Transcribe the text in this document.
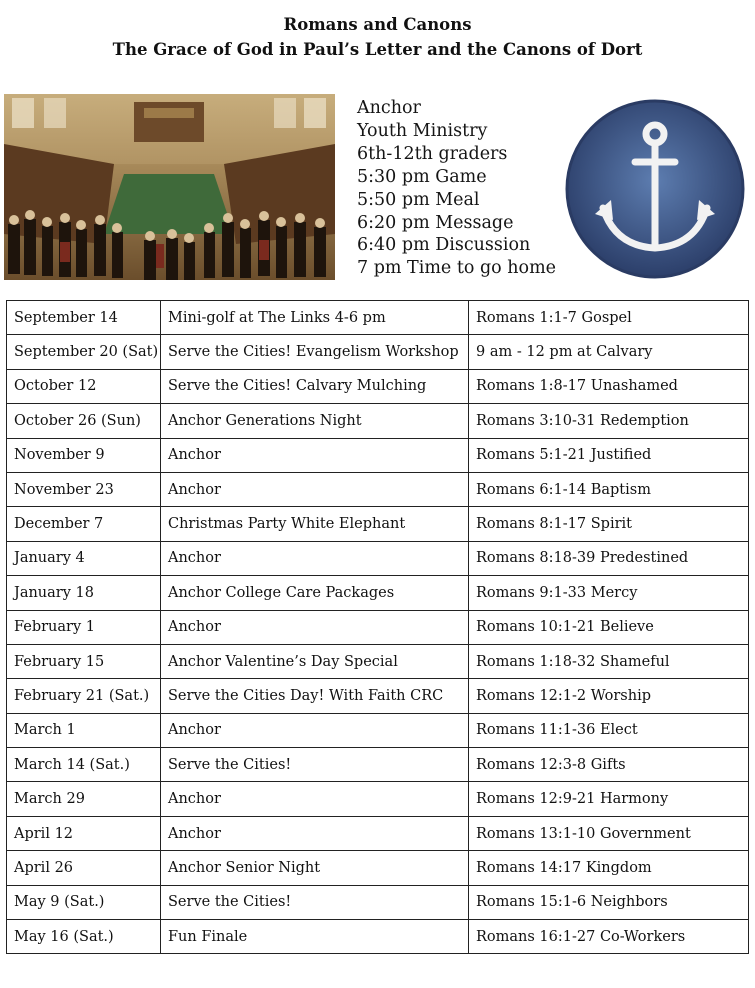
Romans and Canons
The Grace of God in Paul’s Letter and the Canons of Dort
Anchor
Youth Ministry
6th-12th graders
5:30 pm Game
5:50 pm Meal
6:20 pm Message
6:40 pm Discussion
7 pm Time to go home
September 14	Mini-golf at The Links 4-6 pm	Romans 1:1-7 Gospel
September 20 (Sat)	Serve the Cities! Evangelism Workshop	9 am - 12 pm at Calvary
October 12	Serve the Cities! Calvary Mulching	Romans 1:8-17 Unashamed
October 26 (Sun)	Anchor Generations Night	Romans 3:10-31 Redemption
November 9	Anchor	Romans 5:1-21 Justified
November 23	Anchor	Romans 6:1-14 Baptism
December 7	Christmas Party White Elephant	Romans 8:1-17 Spirit
January 4	Anchor	Romans 8:18-39 Predestined
January 18	Anchor College Care Packages	Romans 9:1-33 Mercy
February 1	Anchor	Romans 10:1-21 Believe
February 15	Anchor Valentine’s Day Special	Romans 1:18-32 Shameful
February 21 (Sat.)	Serve the Cities Day! With Faith CRC	Romans 12:1-2 Worship
March 1	Anchor	Romans 11:1-36 Elect
March 14 (Sat.)	Serve the Cities!	Romans 12:3-8 Gifts
March 29	Anchor	Romans 12:9-21 Harmony
April 12	Anchor	Romans 13:1-10 Government
April 26	Anchor Senior Night	Romans 14:17 Kingdom
May 9 (Sat.)	Serve the Cities!	Romans 15:1-6 Neighbors
May 16 (Sat.)	Fun Finale	Romans 16:1-27 Co-Workers
